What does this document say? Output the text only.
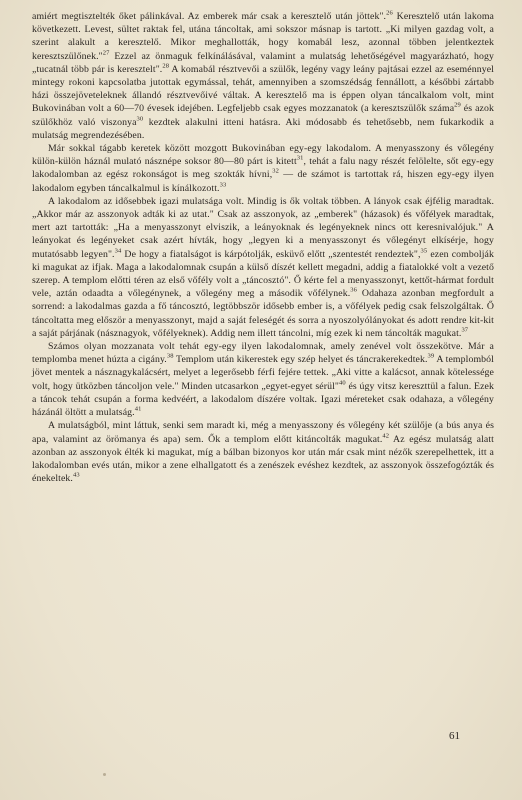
amiért megtisztelték őket pálinkával. Az emberek már csak a keresztelő után jöttek".$^{26}$ Keresztelő után lakoma következett. Levest, sültet raktak fel, utána táncoltak, ami sokszor másnap is tartott. „Ki milyen gazdag volt, a szerint alakult a keresztelő. Mikor meghallották, hogy komabál lesz, azonnal többen jelentkeztek keresztszülőnek."$^{27}$ Ezzel az önmaguk felkínálásával, valamint a mulatság lehetőségével magyarázható, hogy „tucatnál több pár is keresztelt".$^{28}$ A komabál résztvevői a szülők, legény vagy leány pajtásai ezzel az eseménnyel mintegy rokoni kapcsolatba jutottak egymással, tehát, amennyiben a szomszédság fennállott, a későbbi zártabb házi összejöveteleknek állandó résztvevőivé váltak. A keresztelő ma is éppen olyan táncalkalom volt, mint Bukovinában volt a 60—70 évesek idejében. Legfeljebb csak egyes mozzanatok (a keresztszülők száma$^{29}$ és azok szülőkhöz való viszonya$^{30}$ kezdtek alakulni itteni hatásra. Aki módosabb és tehetősebb, nem fukarkodik a mulatság megrendezésében.

Már sokkal tágabb keretek között mozgott Bukovinában egy-egy lakodalom. A menyasszony és vőlegény külön-külön háznál mulató násznépe soksor 80—80 párt is kitett$^{31}$, tehát a falu nagy részét felölelte, sőt egy-egy lakodalomban az egész rokonságot is meg szokták hívni,$^{32}$ — de számot is tartottak rá, hiszen egy-egy ilyen lakodalom egyben táncalkalmul is kínálkozott.$^{33}$

A lakodalom az idősebbek igazi mulatsága volt. Mindig is ők voltak többen. A lányok csak éjfélig maradtak. „Akkor már az asszonyok adták ki az utat." Csak az asszonyok, az „emberek" (házasok) és vőfélyek maradtak, mert azt tartották: „Ha a menyasszonyt elviszik, a leányoknak és legényeknek nincs ott keresnivalójuk." A leányokat és legényeket csak azért hívták, hogy „legyen ki a menyasszonyt és vőlegényt elkísérje, hogy mutatósabb legyen".$^{34}$ De hogy a fiatalságot is kárpótolják, esküvő előtt „szentestét rendeztek",$^{35}$ ezen combolják ki magukat az ifjak. Maga a lakodalomnak csupán a külső díszét kellett megadni, addig a fiatalokké volt a vezető szerep. A templom előtti téren az első vőfély volt a „táncosztó". Ő kérte fel a menyasszonyt, kettőt-hármat fordult vele, aztán odaadta a vőlegénynek, a vőlegény meg a második vőfélynek.$^{36}$ Odahaza azonban megfordult a sorrend: a lakodalmas gazda a fő táncosztó, legtöbbször idősebb ember is, a vőfélyek pedig csak felszolgáltak. Ő táncoltatta meg először a menyasszonyt, majd a saját feleségét és sorra a nyoszolyólányokat és adott rendre kit-kit a saját párjának (násznagyok, vőfélyeknek). Addig nem illett táncolni, míg ezek ki nem táncolták magukat.$^{37}$

Számos olyan mozzanata volt tehát egy-egy ilyen lakodalomnak, amely zenével volt összekötve. Már a templomba menet húzta a cigány.$^{38}$ Templom után kikerestek egy szép helyet és táncrakerekedtek.$^{39}$ A templomból jövet mentek a násznagykalácsért, melyet a legerősebb férfi fejére tettek. „Aki vitte a kalácsot, annak kötelessége volt, hogy ütközben táncoljon vele." Minden utcasarkon „egyet-egyet sérül"$^{40}$ és úgy vitsz kereszttül a falun. Ezek a táncok tehát csupán a forma kedvéért, a lakodalom díszére voltak. Igazi méreteket csak odahaza, a vőlegény házánál öltött a mulatság.$^{41}$

A mulatságból, mint láttuk, senki sem maradt ki, még a menyasszony és vőlegény két szülője (a bús anya és apa, valamint az örömanya és apa) sem. Ők a templom előtt kitáncolták magukat.$^{42}$ Az egész mulatság alatt azonban az asszonyok élték ki magukat, míg a bálban bizonyos kor után már csak mint nézők szerepelhettek, itt a lakodalomban evés után, mikor a zene elhallgatott és a zenészek evéshez kezdtek, az asszonyok összefogózták és énekeltek.$^{43}$

61
